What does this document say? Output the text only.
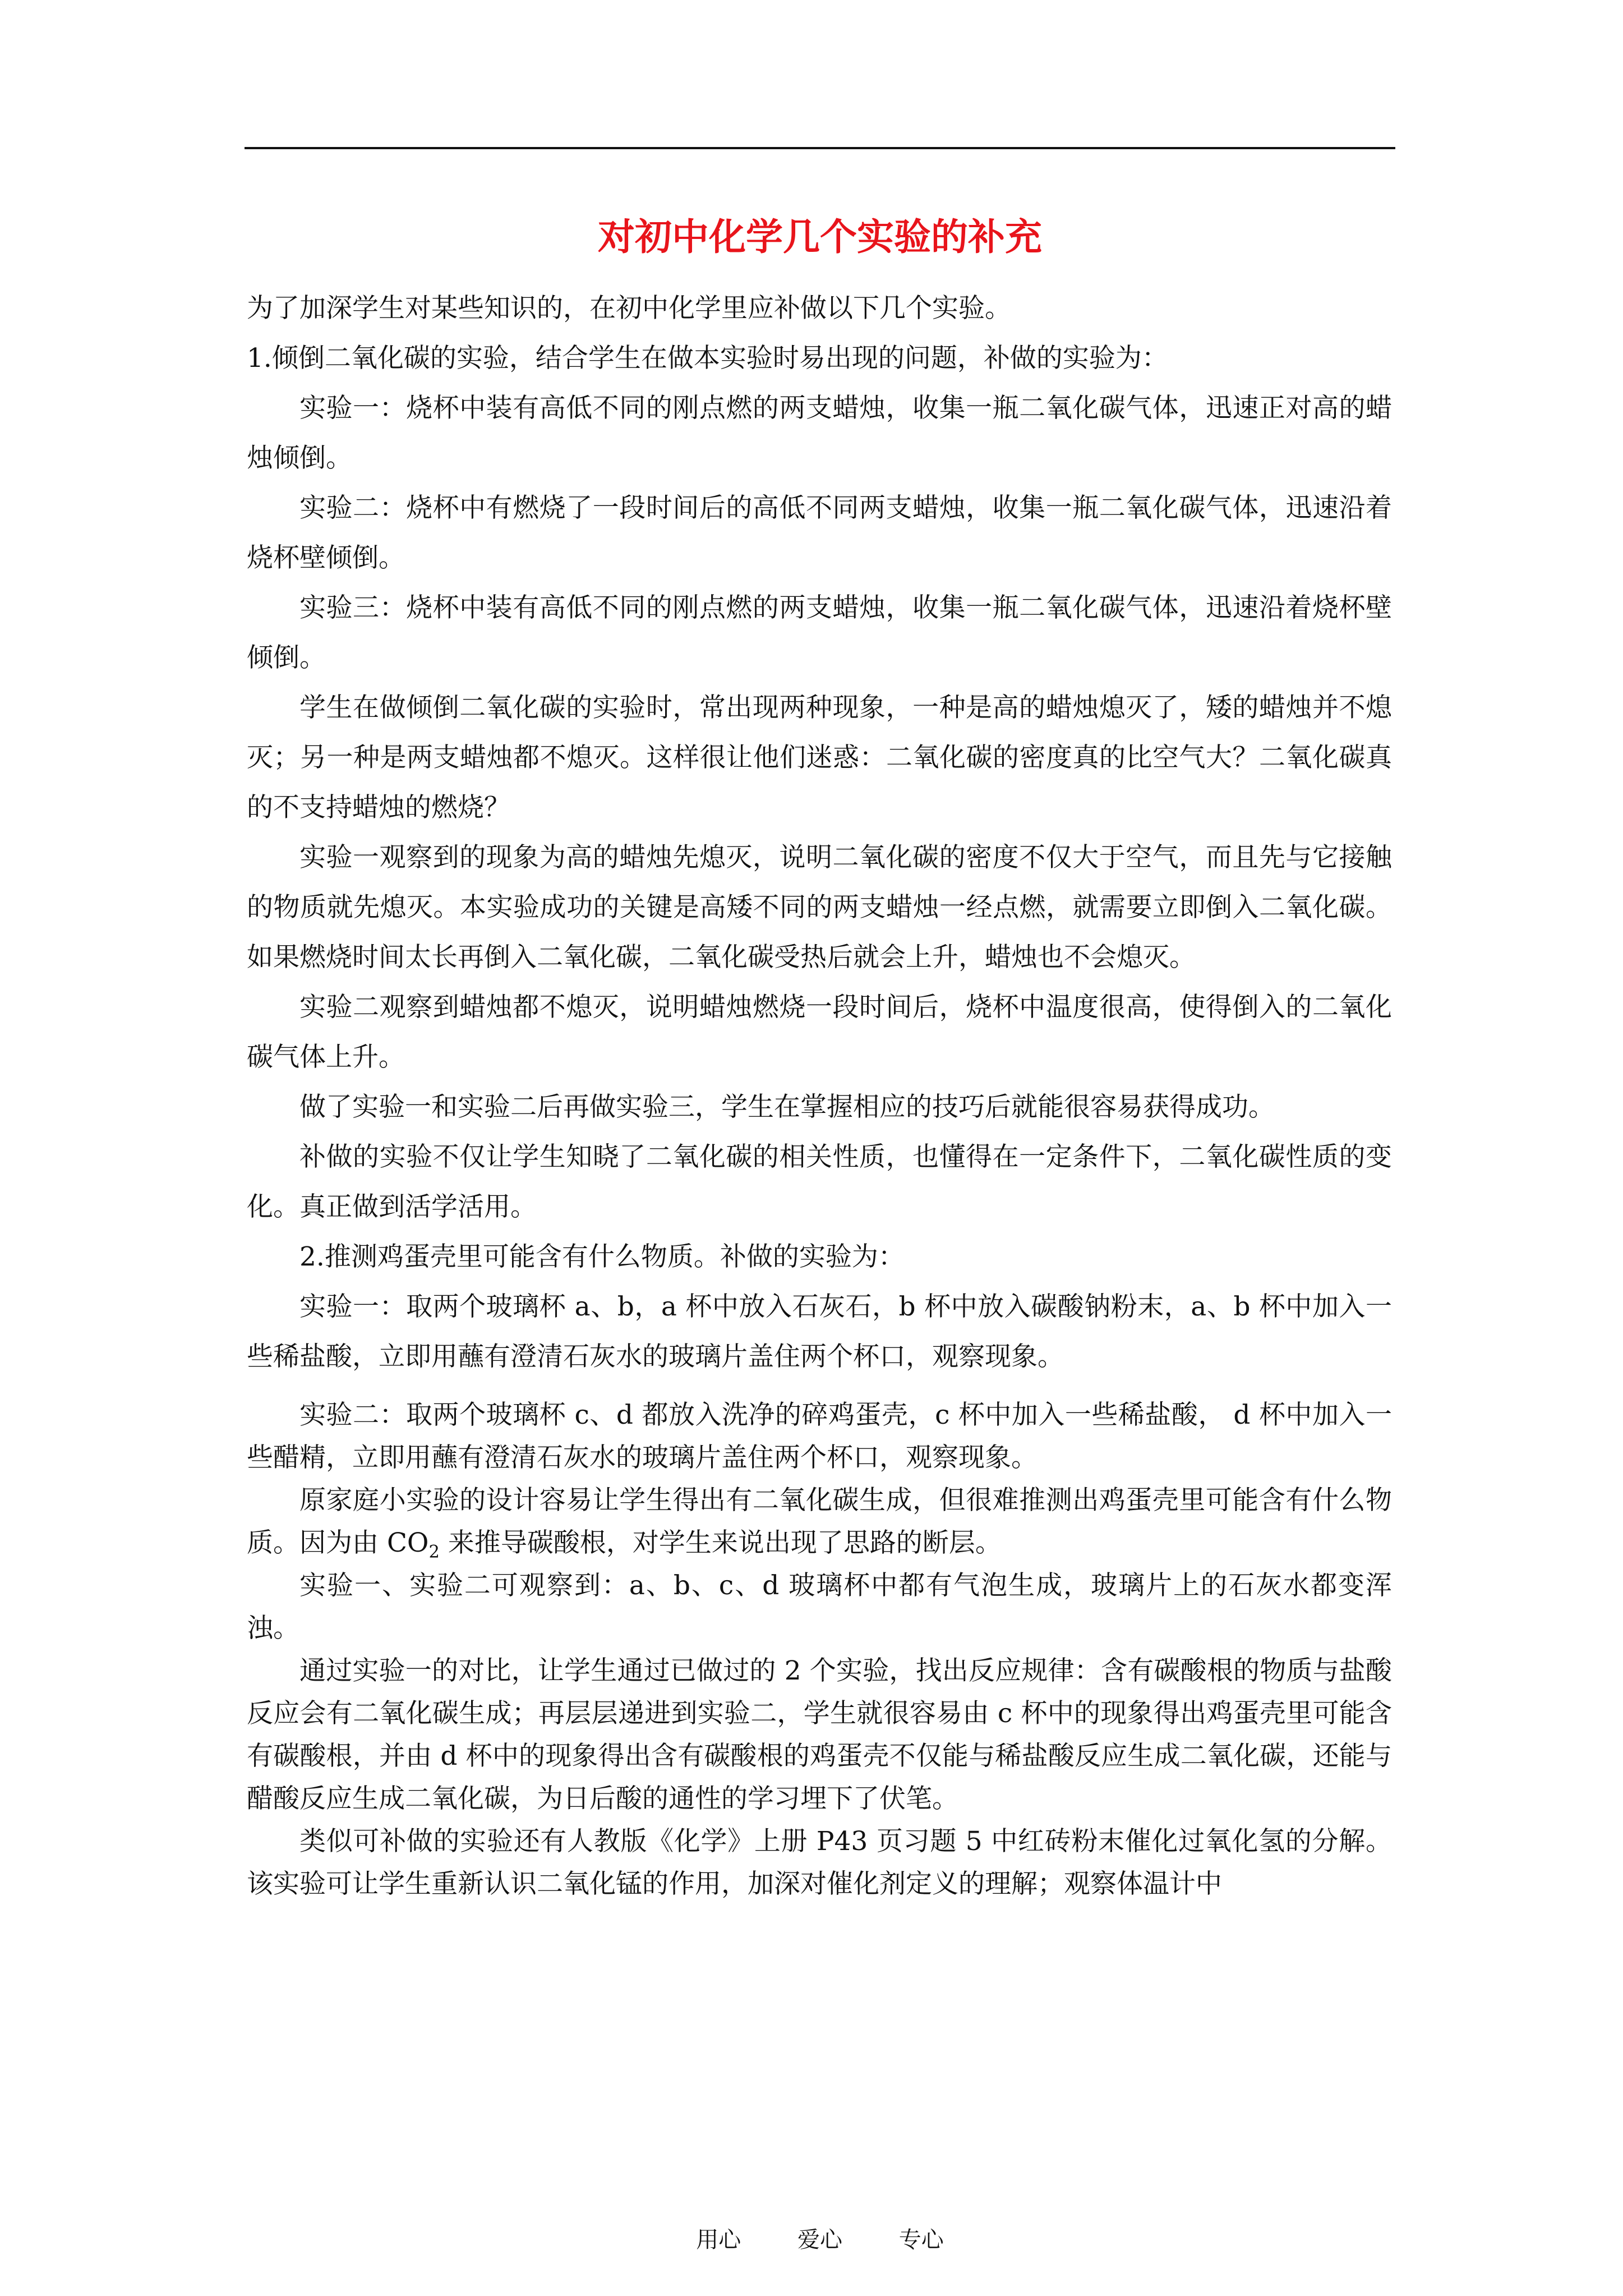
对初中化学几个实验的补充

为了加深学生对某些知识的，在初中化学里应补做以下几个实验。

1.倾倒二氧化碳的实验，结合学生在做本实验时易出现的问题，补做的实验为：

实验一：烧杯中装有高低不同的刚点燃的两支蜡烛，收集一瓶二氧化碳气体，迅速正对高的蜡烛倾倒。

实验二：烧杯中有燃烧了一段时间后的高低不同两支蜡烛，收集一瓶二氧化碳气体，迅速沿着烧杯壁倾倒。

实验三：烧杯中装有高低不同的刚点燃的两支蜡烛，收集一瓶二氧化碳气体，迅速沿着烧杯壁倾倒。

学生在做倾倒二氧化碳的实验时，常出现两种现象，一种是高的蜡烛熄灭了，矮的蜡烛并不熄灭；另一种是两支蜡烛都不熄灭。这样很让他们迷惑：二氧化碳的密度真的比空气大？二氧化碳真的不支持蜡烛的燃烧？

实验一观察到的现象为高的蜡烛先熄灭，说明二氧化碳的密度不仅大于空气，而且先与它接触的物质就先熄灭。本实验成功的关键是高矮不同的两支蜡烛一经点燃，就需要立即倒入二氧化碳。如果燃烧时间太长再倒入二氧化碳，二氧化碳受热后就会上升，蜡烛也不会熄灭。

实验二观察到蜡烛都不熄灭，说明蜡烛燃烧一段时间后，烧杯中温度很高，使得倒入的二氧化碳气体上升。

做了实验一和实验二后再做实验三，学生在掌握相应的技巧后就能很容易获得成功。

补做的实验不仅让学生知晓了二氧化碳的相关性质，也懂得在一定条件下，二氧化碳性质的变化。真正做到活学活用。

2.推测鸡蛋壳里可能含有什么物质。补做的实验为：

实验一：取两个玻璃杯 a、b，a 杯中放入石灰石，b 杯中放入碳酸钠粉末，a、b 杯中加入一些稀盐酸，立即用蘸有澄清石灰水的玻璃片盖住两个杯口，观察现象。

实验二：取两个玻璃杯 c、d 都放入洗净的碎鸡蛋壳，c 杯中加入一些稀盐酸， d 杯中加入一些醋精，立即用蘸有澄清石灰水的玻璃片盖住两个杯口，观察现象。

原家庭小实验的设计容易让学生得出有二氧化碳生成，但很难推测出鸡蛋壳里可能含有什么物质。因为由 $CO_2$ 来推导碳酸根，对学生来说出现了思路的断层。

实验一、实验二可观察到：a、b、c、d 玻璃杯中都有气泡生成，玻璃片上的石灰水都变浑浊。

通过实验一的对比，让学生通过已做过的 2 个实验，找出反应规律：含有碳酸根的物质与盐酸反应会有二氧化碳生成；再层层递进到实验二，学生就很容易由 c 杯中的现象得出鸡蛋壳里可能含有碳酸根，并由 d 杯中的现象得出含有碳酸根的鸡蛋壳不仅能与稀盐酸反应生成二氧化碳，还能与醋酸反应生成二氧化碳，为日后酸的通性的学习埋下了伏笔。

类似可补做的实验还有人教版《化学》上册 P43 页习题 5 中红砖粉末催化过氧化氢的分解。该实验可让学生重新认识二氧化锰的作用，加深对催化剂定义的理解；观察体温计中

用心	爱心	专心
